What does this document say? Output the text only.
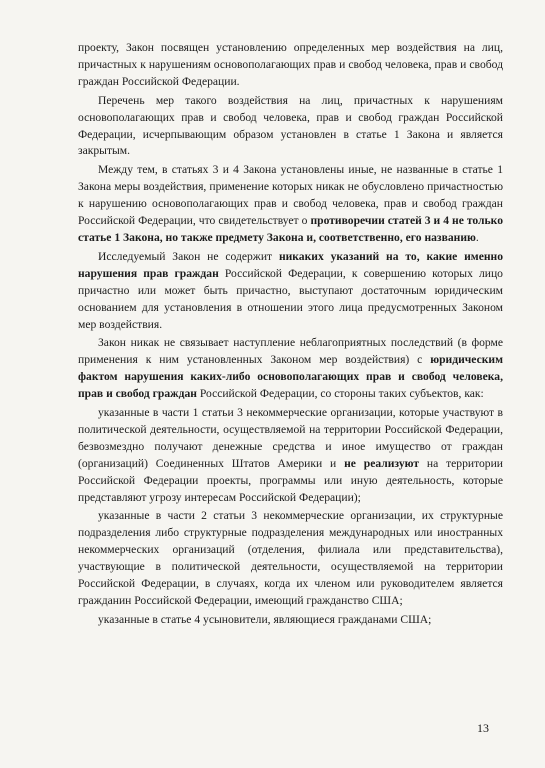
проекту, Закон посвящен установлению определенных мер воздействия на лиц, причастных к нарушениям основополагающих прав и свобод человека, прав и свобод граждан Российской Федерации.

Перечень мер такого воздействия на лиц, причастных к нарушениям основополагающих прав и свобод человека, прав и свобод граждан Российской Федерации, исчерпывающим образом установлен в статье 1 Закона и является закрытым.

Между тем, в статьях 3 и 4 Закона установлены иные, не названные в статье 1 Закона меры воздействия, применение которых никак не обусловлено причастностью к нарушению основополагающих прав и свобод человека, прав и свобод граждан Российской Федерации, что свидетельствует о противоречии статей 3 и 4 не только статье 1 Закона, но также предмету Закона и, соответственно, его названию.

Исследуемый Закон не содержит никаких указаний на то, какие именно нарушения прав граждан Российской Федерации, к совершению которых лицо причастно или может быть причастно, выступают достаточным юридическим основанием для установления в отношении этого лица предусмотренных Законом мер воздействия.

Закон никак не связывает наступление неблагоприятных последствий (в форме применения к ним установленных Законом мер воздействия) с юридическим фактом нарушения каких-либо основополагающих прав и свобод человека, прав и свобод граждан Российской Федерации, со стороны таких субъектов, как:

указанные в части 1 статьи 3 некоммерческие организации, которые участвуют в политической деятельности, осуществляемой на территории Российской Федерации, безвозмездно получают денежные средства и иное имущество от граждан (организаций) Соединенных Штатов Америки и не реализуют на территории Российской Федерации проекты, программы или иную деятельность, которые представляют угрозу интересам Российской Федерации);

указанные в части 2 статьи 3 некоммерческие организации, их структурные подразделения либо структурные подразделения международных или иностранных некоммерческих организаций (отделения, филиала или представительства), участвующие в политической деятельности, осуществляемой на территории Российской Федерации, в случаях, когда их членом или руководителем является гражданин Российской Федерации, имеющий гражданство США;

указанные в статье 4 усыновители, являющиеся гражданами США;

13
